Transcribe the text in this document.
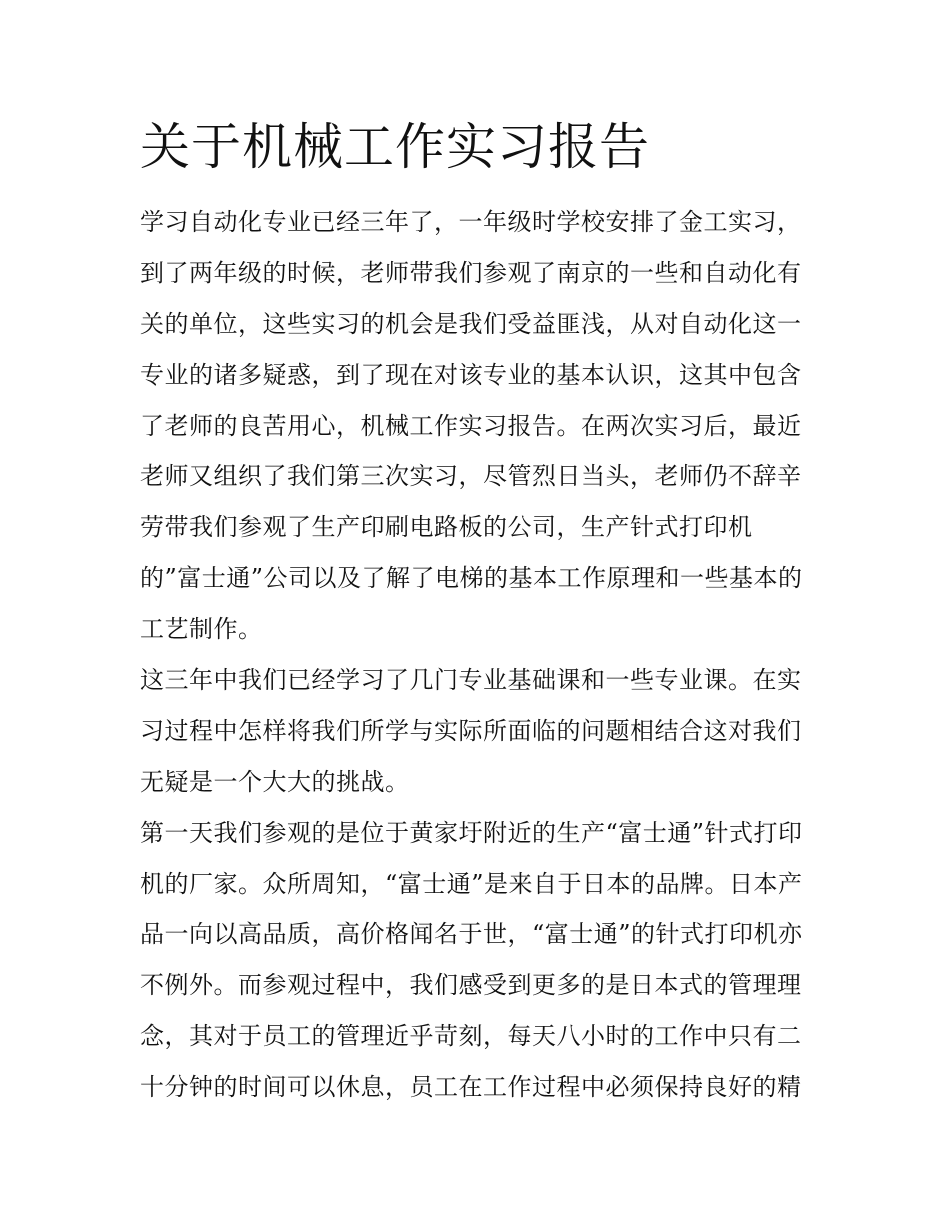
关于机械工作实习报告
学习自动化专业已经三年了，一年级时学校安排了金工实习，
到了两年级的时候，老师带我们参观了南京的一些和自动化有
关的单位，这些实习的机会是我们受益匪浅，从对自动化这一
专业的诸多疑惑，到了现在对该专业的基本认识，这其中包含
了老师的良苦用心，机械工作实习报告。在两次实习后，最近
老师又组织了我们第三次实习，尽管烈日当头，老师仍不辞辛
劳带我们参观了生产印刷电路板的公司，生产针式打印机
的”富士通”公司以及了解了电梯的基本工作原理和一些基本的
工艺制作。
这三年中我们已经学习了几门专业基础课和一些专业课。在实
习过程中怎样将我们所学与实际所面临的问题相结合这对我们
无疑是一个大大的挑战。
第一天我们参观的是位于黄家圩附近的生产“富士通”针式打印
机的厂家。众所周知，“富士通”是来自于日本的品牌。日本产
品一向以高品质，高价格闻名于世，“富士通”的针式打印机亦
不例外。而参观过程中，我们感受到更多的是日本式的管理理
念，其对于员工的管理近乎苛刻，每天八小时的工作中只有二
十分钟的时间可以休息，员工在工作过程中必须保持良好的精
